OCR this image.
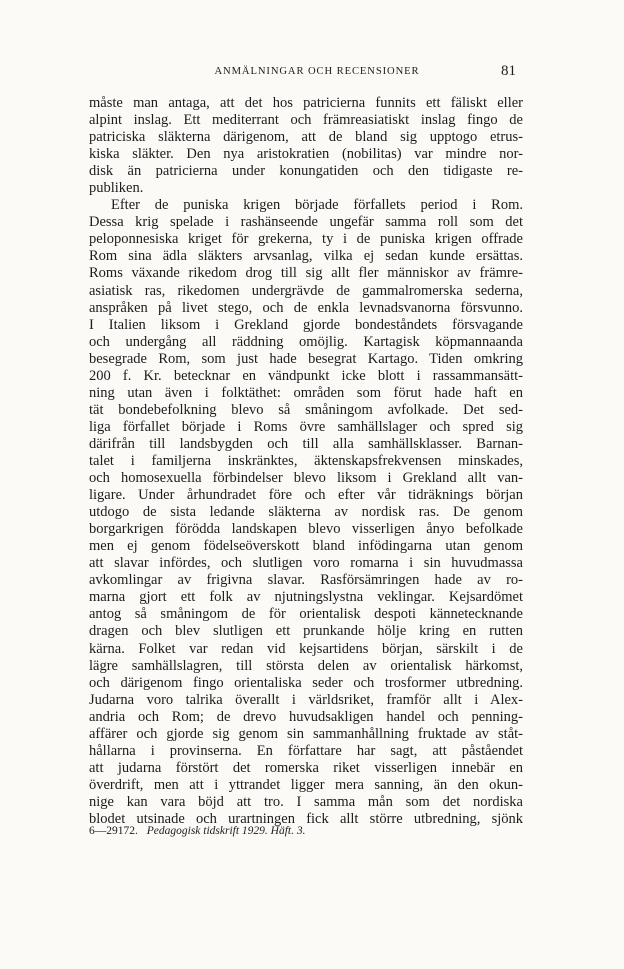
ANMÄLNINGAR OCH RECENSIONER	81
måste man antaga, att det hos patricierna funnits ett fäliskt eller
alpint inslag. Ett mediterrant och främreasiatiskt inslag fingo de
patriciska släkterna därigenom, att de bland sig upptogo etrus-
kiska släkter. Den nya aristokratien (nobilitas) var mindre nor-
disk än patricierna under konungatiden och den tidigaste re-
publiken.
Efter de puniska krigen började förfallets period i Rom.
Dessa krig spelade i rashänseende ungefär samma roll som det
peloponnesiska kriget för grekerna, ty i de puniska krigen offrade
Rom sina ädla släkters arvsanlag, vilka ej sedan kunde ersättas.
Roms växande rikedom drog till sig allt fler människor av främre-
asiatisk ras, rikedomen undergrävde de gammalromerska sederna,
anspråken på livet stego, och de enkla levnadsvanorna försvunno.
I Italien liksom i Grekland gjorde bondeståndets försvagande
och undergång all räddning omöjlig. Kartagisk köpmannaanda
besegrade Rom, som just hade besegrat Kartago. Tiden omkring
200 f. Kr. betecknar en vändpunkt icke blott i rassammansätt-
ning utan även i folktäthet: områden som förut hade haft en
tät bondebefolkning blevo så småningom avfolkade. Det sed-
liga förfallet började i Roms övre samhällslager och spred sig
därifrån till landsbygden och till alla samhällsklasser. Barnan-
talet i familjerna inskränktes, äktenskapsfrekvensen minskades,
och homosexuella förbindelser blevo liksom i Grekland allt van-
ligare. Under århundradet före och efter vår tidräknings början
utdogo de sista ledande släkterna av nordisk ras. De genom
borgarkrigen förödda landskapen blevo visserligen ånyo befolkade
men ej genom födelseöverskott bland infödingarna utan genom
att slavar infördes, och slutligen voro romarna i sin huvudmassa
avkomlingar av frigivna slavar. Rasförsämringen hade av ro-
marna gjort ett folk av njutningslystna veklingar. Kejsardömet
antog så småningom de för orientalisk despoti kännetecknande
dragen och blev slutligen ett prunkande hölje kring en rutten
kärna. Folket var redan vid kejsartidens början, särskilt i de
lägre samhällslagren, till största delen av orientalisk härkomst,
och därigenom fingo orientaliska seder och trosformer utbredning.
Judarna voro talrika överallt i världsriket, framför allt i Alex-
andria och Rom; de drevo huvudsakligen handel och penning-
affärer och gjorde sig genom sin sammanhållning fruktade av ståt-
hållarna i provinserna. En författare har sagt, att påståendet
att judarna förstört det romerska riket visserligen innebär en
överdrift, men att i yttrandet ligger mera sanning, än den okun-
nige kan vara böjd att tro. I samma mån som det nordiska
blodet utsinade och urartningen fick allt större utbredning, sjönk
6—29172. Pedagogisk tidskrift 1929. Häft. 3.
